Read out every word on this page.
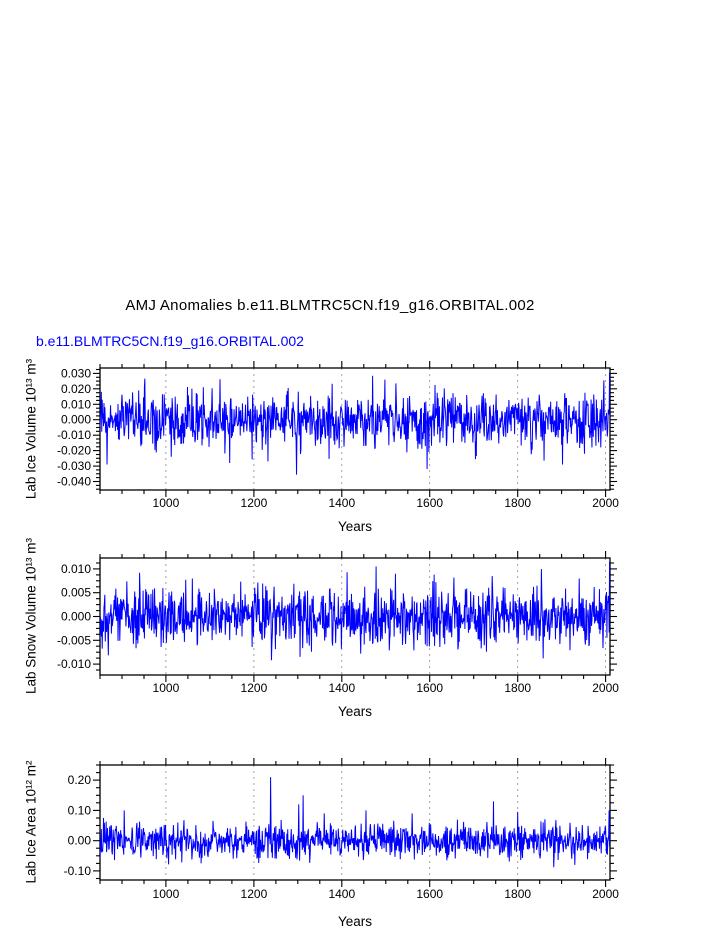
AMJ Anomalies b.e11.BLMTRC5CN.f19_g16.ORBITAL.002
b.e11.BLMTRC5CN.f19_g16.ORBITAL.002
Lab Ice Volume 10¹³ m³
Lab Snow Volume 10¹³ m³
Lab Ice Area 10¹² m²
1000	1200	1400	1600	1800	2000
0.030
0.020
0.010
0.000
-0.010
-0.020
-0.030
-0.040
Years
1000	1200	1400	1600	1800	2000
0.010
0.005
0.000
-0.005
-0.010
Years
1000	1200	1400	1600	1800	2000
0.20
0.10
0.00
-0.10
Years
